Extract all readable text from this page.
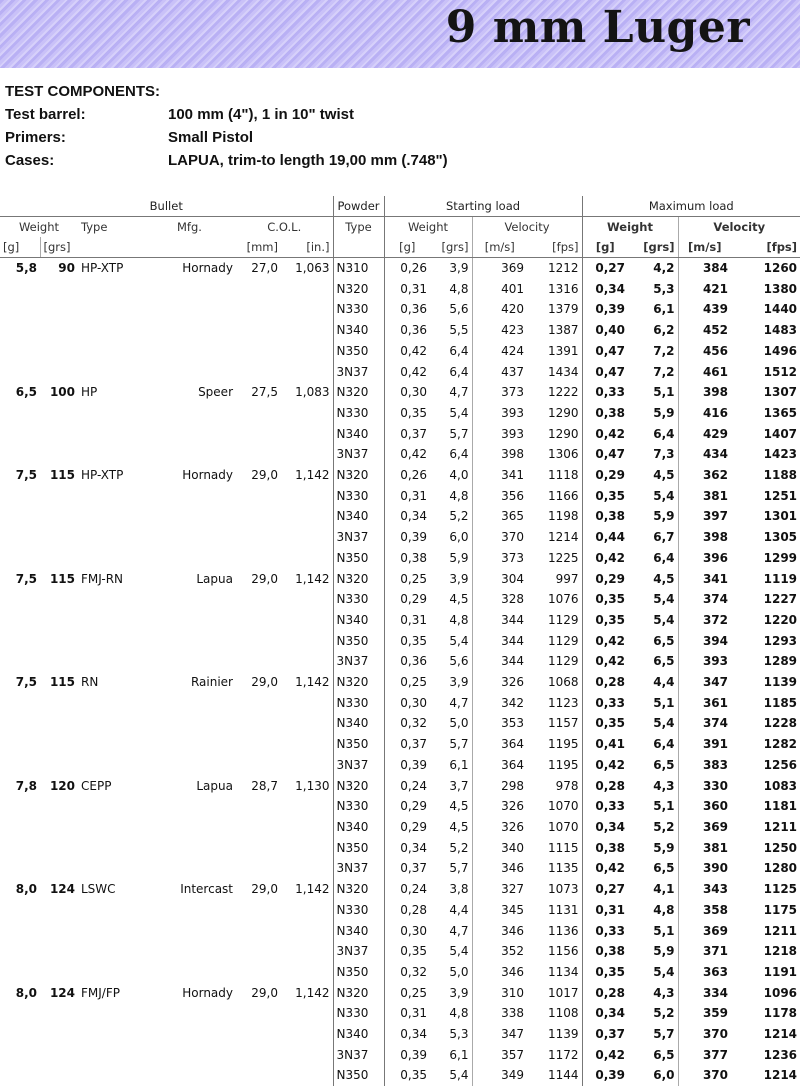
9 mm Luger
TEST COMPONENTS:
Test barrel:	100 mm (4"), 1 in 10" twist
Primers:	Small Pistol
Cases:	LAPUA, trim-to length 19,00 mm (.748")
Bullet						Powder	Starting load				Maximum load			
Weight		Type	Mfg.	C.O.L.		Type	Weight		Velocity		Weight		Velocity	
[g]	[grs]			[mm]	[in.]		[g]	[grs]	[m/s]	[fps]	[g]	[grs]	[m/s]	[fps]
5,8	90	HP-XTP	Hornady	27,0	1,063	N310	0,26	3,9	369	1212	0,27	4,2	384	1260
						N320	0,31	4,8	401	1316	0,34	5,3	421	1380
						N330	0,36	5,6	420	1379	0,39	6,1	439	1440
						N340	0,36	5,5	423	1387	0,40	6,2	452	1483
						N350	0,42	6,4	424	1391	0,47	7,2	456	1496
						3N37	0,42	6,4	437	1434	0,47	7,2	461	1512
6,5	100	HP	Speer	27,5	1,083	N320	0,30	4,7	373	1222	0,33	5,1	398	1307
						N330	0,35	5,4	393	1290	0,38	5,9	416	1365
						N340	0,37	5,7	393	1290	0,42	6,4	429	1407
						3N37	0,42	6,4	398	1306	0,47	7,3	434	1423
7,5	115	HP-XTP	Hornady	29,0	1,142	N320	0,26	4,0	341	1118	0,29	4,5	362	1188
						N330	0,31	4,8	356	1166	0,35	5,4	381	1251
						N340	0,34	5,2	365	1198	0,38	5,9	397	1301
						3N37	0,39	6,0	370	1214	0,44	6,7	398	1305
						N350	0,38	5,9	373	1225	0,42	6,4	396	1299
7,5	115	FMJ-RN	Lapua	29,0	1,142	N320	0,25	3,9	304	997	0,29	4,5	341	1119
						N330	0,29	4,5	328	1076	0,35	5,4	374	1227
						N340	0,31	4,8	344	1129	0,35	5,4	372	1220
						N350	0,35	5,4	344	1129	0,42	6,5	394	1293
						3N37	0,36	5,6	344	1129	0,42	6,5	393	1289
7,5	115	RN	Rainier	29,0	1,142	N320	0,25	3,9	326	1068	0,28	4,4	347	1139
						N330	0,30	4,7	342	1123	0,33	5,1	361	1185
						N340	0,32	5,0	353	1157	0,35	5,4	374	1228
						N350	0,37	5,7	364	1195	0,41	6,4	391	1282
						3N37	0,39	6,1	364	1195	0,42	6,5	383	1256
7,8	120	CEPP	Lapua	28,7	1,130	N320	0,24	3,7	298	978	0,28	4,3	330	1083
						N330	0,29	4,5	326	1070	0,33	5,1	360	1181
						N340	0,29	4,5	326	1070	0,34	5,2	369	1211
						N350	0,34	5,2	340	1115	0,38	5,9	381	1250
						3N37	0,37	5,7	346	1135	0,42	6,5	390	1280
8,0	124	LSWC	Intercast	29,0	1,142	N320	0,24	3,8	327	1073	0,27	4,1	343	1125
						N330	0,28	4,4	345	1131	0,31	4,8	358	1175
						N340	0,30	4,7	346	1136	0,33	5,1	369	1211
						3N37	0,35	5,4	352	1156	0,38	5,9	371	1218
						N350	0,32	5,0	346	1134	0,35	5,4	363	1191
8,0	124	FMJ/FP	Hornady	29,0	1,142	N320	0,25	3,9	310	1017	0,28	4,3	334	1096
						N330	0,31	4,8	338	1108	0,34	5,2	359	1178
						N340	0,34	5,3	347	1139	0,37	5,7	370	1214
						3N37	0,39	6,1	357	1172	0,42	6,5	377	1236
						N350	0,35	5,4	349	1144	0,39	6,0	370	1214
